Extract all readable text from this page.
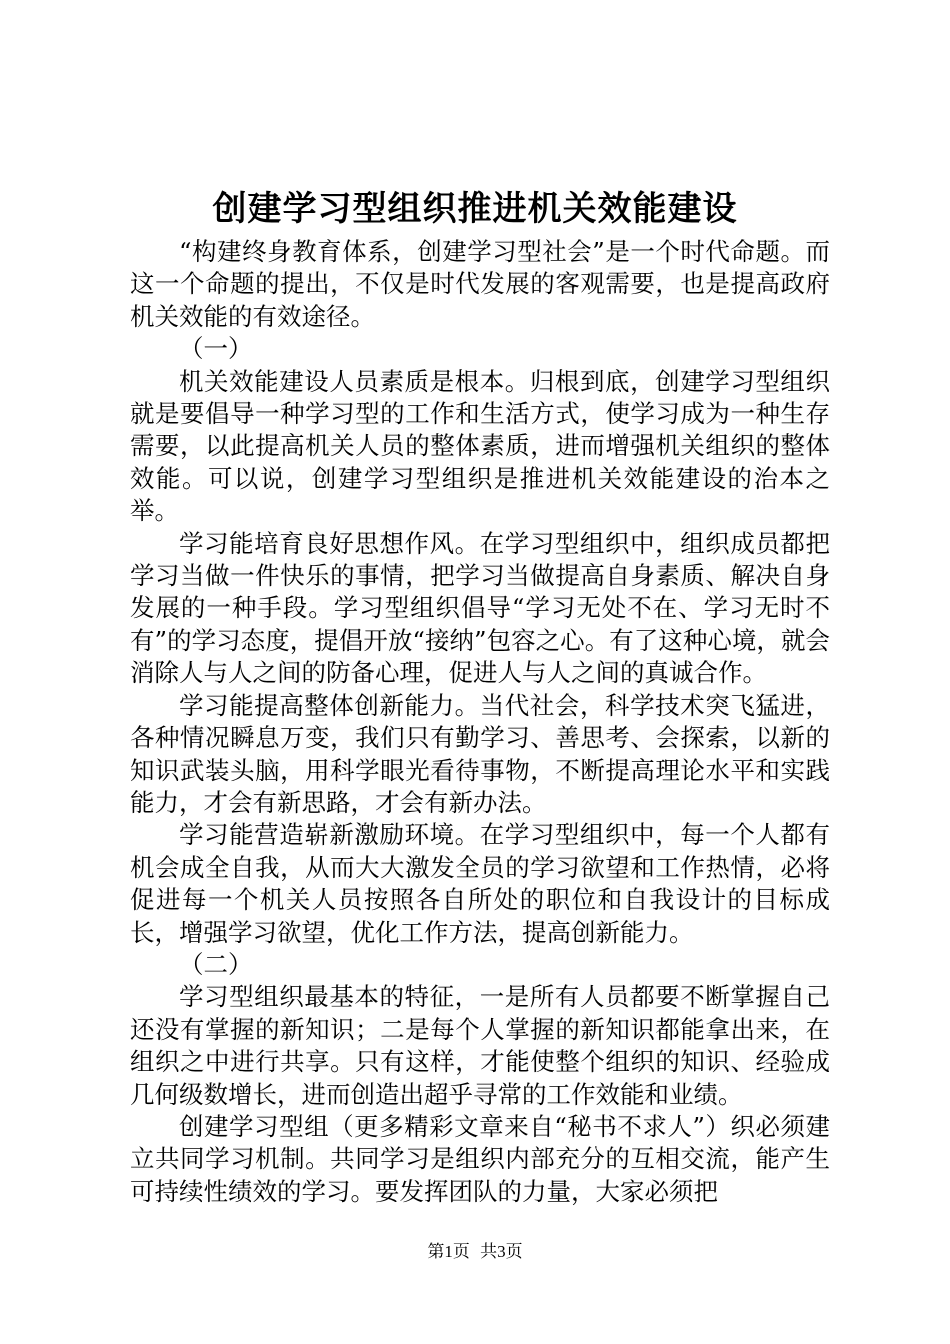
创建学习型组织推进机关效能建设

“构建终身教育体系，创建学习型社会”是一个时代命题。而这一个命题的提出，不仅是时代发展的客观需要，也是提高政府机关效能的有效途径。

（一）

机关效能建设人员素质是根本。归根到底，创建学习型组织就是要倡导一种学习型的工作和生活方式，使学习成为一种生存需要，以此提高机关人员的整体素质，进而增强机关组织的整体效能。可以说，创建学习型组织是推进机关效能建设的治本之举。

学习能培育良好思想作风。在学习型组织中，组织成员都把学习当做一件快乐的事情，把学习当做提高自身素质、解决自身发展的一种手段。学习型组织倡导“学习无处不在、学习无时不有”的学习态度，提倡开放“接纳”包容之心。有了这种心境，就会消除人与人之间的防备心理，促进人与人之间的真诚合作。

学习能提高整体创新能力。当代社会，科学技术突飞猛进，各种情况瞬息万变，我们只有勤学习、善思考、会探索，以新的知识武装头脑，用科学眼光看待事物，不断提高理论水平和实践能力，才会有新思路，才会有新办法。

学习能营造崭新激励环境。在学习型组织中，每一个人都有机会成全自我，从而大大激发全员的学习欲望和工作热情，必将促进每一个机关人员按照各自所处的职位和自我设计的目标成长，增强学习欲望，优化工作方法，提高创新能力。

（二）

学习型组织最基本的特征，一是所有人员都要不断掌握自己还没有掌握的新知识；二是每个人掌握的新知识都能拿出来，在组织之中进行共享。只有这样，才能使整个组织的知识、经验成几何级数增长，进而创造出超乎寻常的工作效能和业绩。

创建学习型组（更多精彩文章来自“秘书不求人”）织必须建立共同学习机制。共同学习是组织内部充分的互相交流，能产生可持续性绩效的学习。要发挥团队的力量，大家必须把

第1页 共3页
